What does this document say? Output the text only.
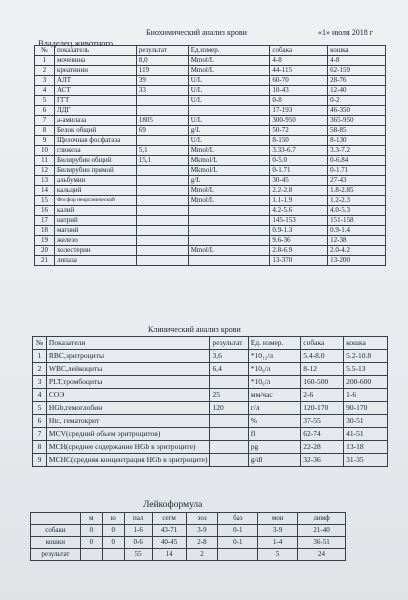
Биохимический анализ крови	«1» июля 2018 г
Владелец животного
№	показатель	результат	Ед.измер.	собака	кошка
1	мочевина	8,0	Mmol/L	4-8	4-8
2	креатинин	119	Mmol/L	44-115	62-159
3	АЛТ	39	U/L	60-70	28-76
4	АСТ	33	U/L	10-43	12-40
5	ГГТ		U/L	0-8	0-2
6	ЛДГ			17-193	46-350
7	а-амилаза	1805	U/L	300-950	365-950
8	Белок общий	69	g/L	50-72	58-85
9	Щелочная фосфатаза		U/L	8-150	8-130
10	глюкоза	5,1	Mmol/L	3.33-6.7	3.3-7.2
11	Билирубин общий	15,1	Mkmol/L	0-5.0	0-6.84
12	Билирубин прямой		Mkmol/L	0-1.71	0-1.71
13	альбумин		g/L	30-45	27-43
14	кальций		Mmol/L	2.2-2.8	1.8-2.85
15	Фосфор неорганический		Mmol/L	1.1-1.9	1.2-2.3
16	калий			4.2-5.6	4.0-5.3
17	натрий			145-153	151-158
18	магний			0.9-1.3	0.9-1.4
19	железо			9.6-36	12-38
20	холестерин		Mmol/L	2.8-6.9	2.0-4.2
21	липаза			13-370	13-200
Клинический анализ крови
№	Показатели	результат	Ед. измер.	собака	кошка
1	RBC,эритроциты	3,6	*10₁₂/л	5.4-8.0	5.2-10.8
2	WBC,лейкоциты	6,4	*10₉/л	8-12	5.5-13
3	PLT,тромбоциты		*10₉/л	160-500	200-600
4	СОЭ	25	мм/час	2-6	1-6
5	HGb,гемоглобин	120	г/л	120-170	90-170
6	Htc, гематокрит		%	37-55	30-51
7	MCV(средний обьем эритроцитов)		fl	62-74	41-51
8	MCH(среднее содержание HGb в эритроците)		pg	22-28	13-18
9	MCHC(средняя концентрация HGb в эритроците)		g/dl	32-36	31-35
Лейкоформула
	м	ю	пал	сегм	эоз	баз	мон	лимф
собаки	0	0	1-6	43-71	3-9	0-1	3-9	21-40
кошки	0	0	0-6	40-45	2-8	0-1	1-4	36-51
результат			55	14	2		5	24
